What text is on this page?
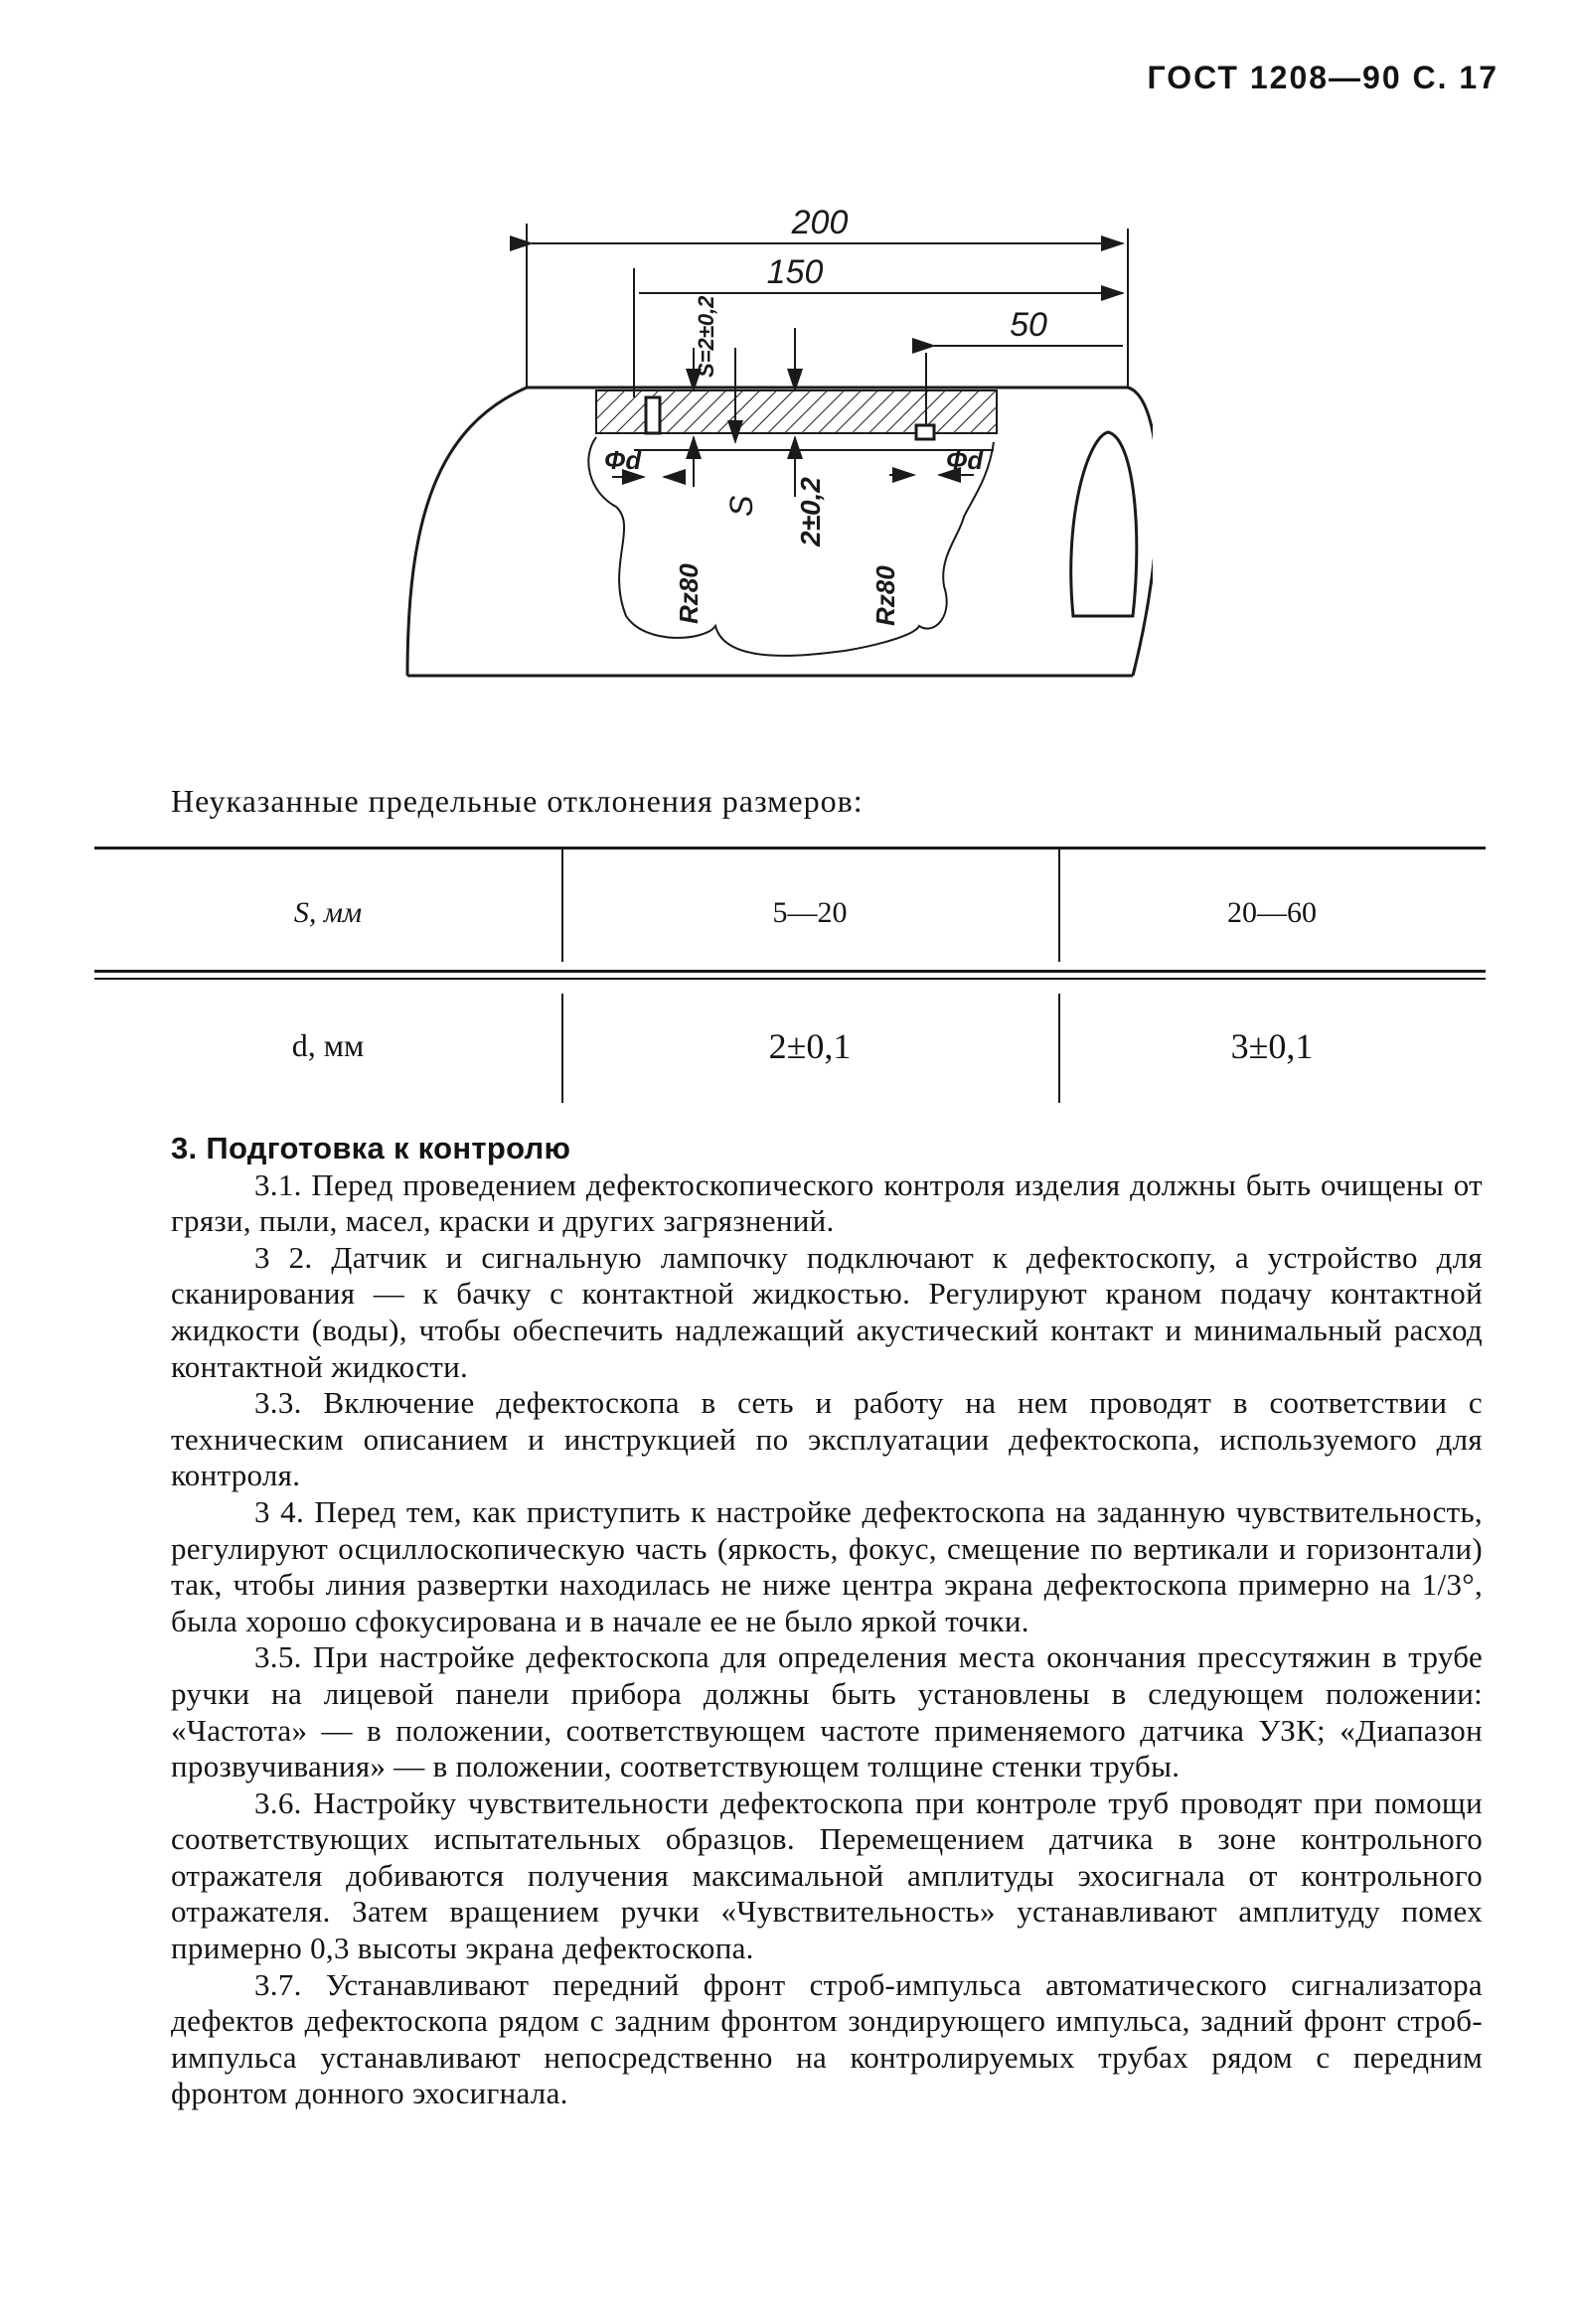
ГОСТ 1208—90 С. 17
200
150
50
S=2±0,2
Φd	Φd
S 2±0,2
Rz80	Rz80
Неуказанные предельные отклонения размеров:
S, мм	5—20	20—60
d, мм	2±0,1	3±0,1
3. Подготовка к контролю

3.1. Перед проведением дефектоскопического контроля изделия должны быть очищены от грязи, пыли, масел, краски и других загрязнений.

3 2. Датчик и сигнальную лампочку подключают к дефектоскопу, а устройство для сканирования — к бачку с контактной жидкостью. Регулируют краном подачу контактной жидкости (воды), чтобы обеспечить надлежащий акустический контакт и минимальный расход контактной жидкости.

3.3. Включение дефектоскопа в сеть и работу на нем проводят в соответствии с техническим описанием и инструкцией по эксплуатации дефектоскопа, используемого для контроля.

3 4. Перед тем, как приступить к настройке дефектоскопа на заданную чувствительность, регулируют осциллоскопическую часть (яркость, фокус, смещение по вертикали и горизонтали) так, чтобы линия развертки находилась не ниже центра экрана дефектоскопа примерно на 1/3°, была хорошо сфокусирована и в начале ее не было яркой точки.

3.5. При настройке дефектоскопа для определения места окончания прессутяжин в трубе ручки на лицевой панели прибора должны быть установлены в следующем положении: «Частота» — в положении, соответствующем частоте применяемого датчика УЗК; «Диапазон прозвучивания» — в положении, соответствующем толщине стенки трубы.

3.6. Настройку чувствительности дефектоскопа при контроле труб проводят при помощи соответствующих испытательных образцов. Перемещением датчика в зоне контрольного отражателя добиваются получения максимальной амплитуды эхосигнала от контрольного отражателя. Затем вращением ручки «Чувствительность» устанавливают амплитуду помех примерно 0,3 высоты экрана дефектоскопа.

3.7. Устанавливают передний фронт строб-импульса автоматического сигнализатора дефектов дефектоскопа рядом с задним фронтом зондирующего импульса, задний фронт строб-импульса устанавливают непосредственно на контролируемых трубах рядом с передним фронтом донного эхосигнала.
